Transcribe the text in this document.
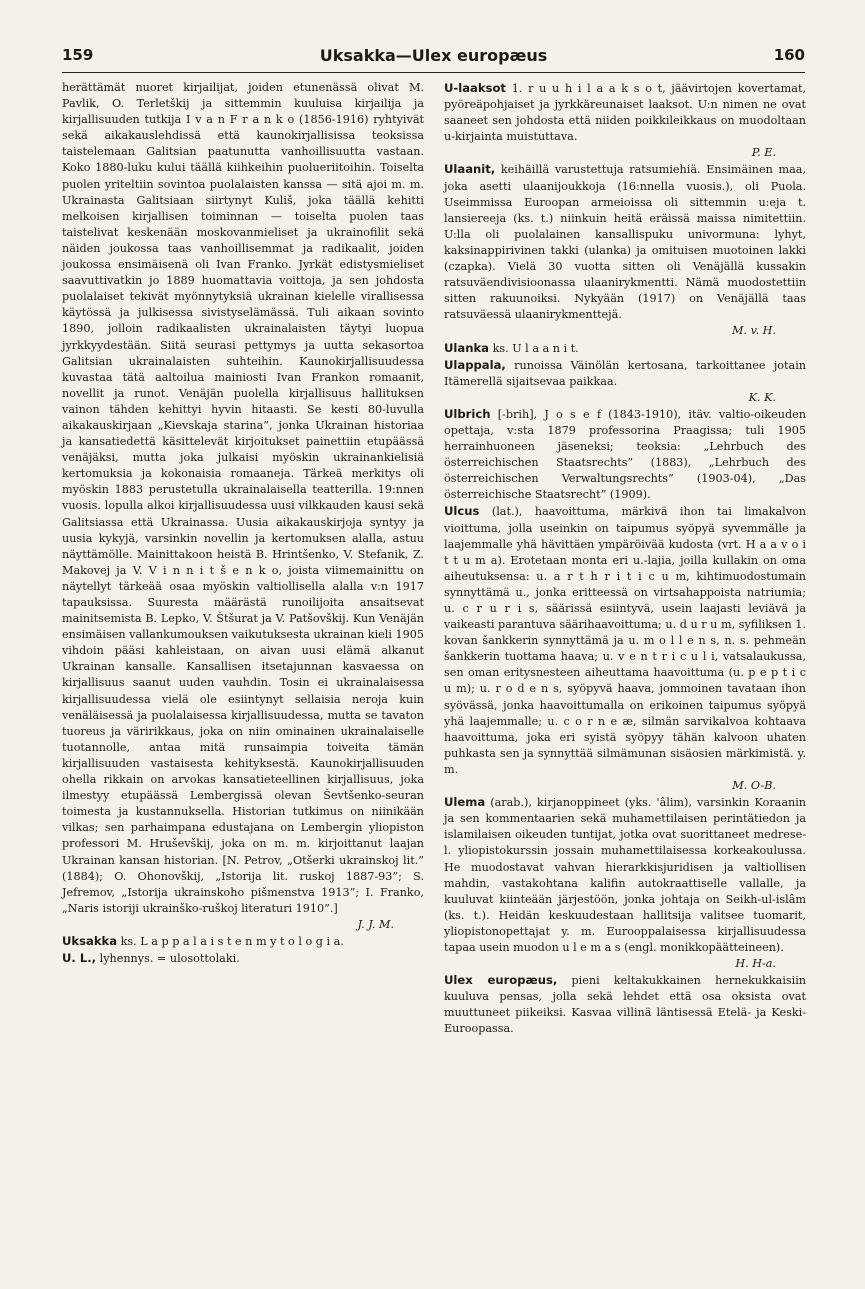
159	Uksakka—Ulex europæus	160

herättämät nuoret kirjailijat, joiden etunenässä olivat M. Pavlik, O. Terletškij ja sittemmin kuuluisa kirjailija ja kirjallisuuden tutkija I v a n F r a n k o (1856-1916) ryhtyivät sekä aikakauslehdissä että kaunokirjallisissa teoksissa taistelemaan Galitsian paatunutta vanhoillisuutta vastaan. Koko 1880-luku kului täällä kiihkeihin puolueriitoihin. Toiselta puolen yriteltiin sovintoa puolalaisten kanssa — sitä ajoi m. m. Ukrainasta Galitsiaan siirtynyt Kuliš, joka täällä kehitti melkoisen kirjallisen toiminnan — toiselta puolen taas taistelivat keskenään moskovanmieliset ja ukrainofilit sekä näiden joukossa taas vanhoillisemmat ja radikaalit, joiden joukossa ensimäisenä oli Ivan Franko. Jyrkät edistysmieliset saavuttivatkin jo 1889 huomattavia voittoja, ja sen johdosta puolalaiset tekivät myönnytyksiä ukrainan kielelle virallisessa käytössä ja julkisessa sivistyselämässä. Tuli aikaan sovinto 1890, jolloin radikaalisten ukrainalaisten täytyi luopua jyrkkyydestään. Siitä seurasi pettymys ja uutta sekasortoa Galitsian ukrainalaisten suhteihin. Kaunokirjallisuudessa kuvastaa tätä aaltoilua mainiosti Ivan Frankon romaanit, novellit ja runot. Venäjän puolella kirjallisuus hallituksen vainon tähden kehittyi hyvin hitaasti. Se kesti 80-luvulla aikakauskirjaan „Kievskaja starina”, jonka Ukrainan historiaa ja kansatiedettä käsittelevät kirjoitukset painettiin etupäässä venäjäksi, mutta joka julkaisi myöskin ukrainankielisiä kertomuksia ja kokonaisia romaaneja. Tärkeä merkitys oli myöskin 1883 perustetulla ukrainalaisella teatterilla. 19:nnen vuosis. lopulla alkoi kirjallisuudessa uusi vilkkauden kausi sekä Galitsiassa että Ukrainassa. Uusia aikakauskirjoja syntyy ja uusia kykyjä, varsinkin novellin ja kertomuksen alalla, astuu näyttämölle. Mainittakoon heistä B. Hrintšenko, V. Stefanik, Z. Makovej ja V. V i n n i t š e n k o, joista viimemainittu on näytellyt tärkeää osaa myöskin valtiollisella alalla v:n 1917 tapauksissa. Suuresta määrästä runoilijoita ansaitsevat mainitsemista B. Lepko, V. Štšurat ja V. Patšovškij. Kun Venäjän ensimäisen vallankumouksen vaikutuksesta ukrainan kieli 1905 vihdoin pääsi kahleistaan, on aivan uusi elämä alkanut Ukrainan kansalle. Kansallisen itsetajunnan kasvaessa on kirjallisuus saanut uuden vauhdin. Tosin ei ukrainalaisessa kirjallisuudessa vielä ole esiintynyt sellaisia neroja kuin venäläisessä ja puolalaisessa kirjallisuudessa, mutta se tavaton tuoreus ja väririkkaus, joka on niin ominainen ukrainalaiselle tuotannolle, antaa mitä runsaimpia toiveita tämän kirjallisuuden vastaisesta kehityksestä. Kaunokirjallisuuden ohella rikkain on arvokas kansatieteellinen kirjallisuus, joka ilmestyy etupäässä Lembergissä olevan Ševtšenko-seuran toimesta ja kustannuksella. Historian tutkimus on niinikään vilkas; sen parhaimpana edustajana on Lembergin yliopiston professori M. Hruševškij, joka on m. m. kirjoittanut laajan Ukrainan kansan historian. [N. Petrov, „Otšerki ukrainskoj lit.” (1884); O. Ohonovškij, „Istorija lit. ruskoj 1887-93”; S. Jefremov, „Istorija ukrainskoho pišmenstva 1913”; I. Franko, „Naris istoriji ukrainško-ruškoj literaturi 1910”.]
J. J. M.

Uksakka ks. L a p p a l a i s t e n m y t o l o g i a.

U. L., lyhennys. = ulosottolaki.

U-laaksot 1. r u u h i l a a k s o t, jäävirtojen kovertamat, pyöreäpohjaiset ja jyrkkäreunaiset laaksot. U:n nimen ne ovat saaneet sen johdosta että niiden poikkileikkaus on muodoltaan u-kirjainta muistuttava.
P. E.

Ulaanit, keihäillä varustettuja ratsumiehiä. Ensimäinen maa, joka asetti ulaanijoukkoja (16:nnella vuosis.), oli Puola. Useimmissa Euroopan armeioissa oli sittemmin u:eja t. lansiereeja (ks. t.) niinkuin heitä eräissä maissa nimitettiin. U:lla oli puolalainen kansallispuku univormuna: lyhyt, kaksinappirivinen takki (ulanka) ja omituisen muotoinen lakki (czapka). Vielä 30 vuotta sitten oli Venäjällä kussakin ratsuväendivisioonassa ulaanirykmentti. Nämä muodostettiin sitten rakuunoiksi. Nykyään (1917) on Venäjällä taas ratsuväessä ulaanirykmenttejä.
M. v. H.

Ulanka ks. U l a a n i t.

Ulappala, runoissa Väinölän kertosana, tarkoittanee jotain Itämerellä sijaitsevaa paikkaa.
K. K.

Ulbrich [-brih], J o s e f (1843-1910), itäv. valtio-oikeuden opettaja, v:sta 1879 professorina Praagissa; tuli 1905 herrainhuoneen jäseneksi; teoksia: „Lehrbuch des österreichischen Staatsrechts” (1883), „Lehrbuch des österreichischen Verwaltungsrechts” (1903-04), „Das österreichische Staatsrecht” (1909).

Ulcus (lat.), haavoittuma, märkivä ihon tai limakalvon vioittuma, jolla useinkin on taipumus syöpyä syvemmälle ja laajemmalle yhä hävittäen ympäröivää kudosta (vrt. H a a v o i t t u m a). Erotetaan monta eri u.-lajia, joilla kullakin on oma aiheutuksensa: u. a r t h r i t i c u m, kihtimuodostumain synnyttämä u., jonka eritteessä on virtsahappoista natriumia; u. c r u r i s, säärissä esiintyvä, usein laajasti leviävä ja vaikeasti parantuva säärihaavoittuma; u. d u r u m, syfiliksen 1. kovan šankkerin synnyttämä ja u. m o l l e n s, n. s. pehmeän šankkerin tuottama haava; u. v e n t r i c u l i, vatsalaukussa, sen oman eritysnesteen aiheuttama haavoittuma (u. p e p t i c u m); u. r o d e n s, syöpyvä haava, jommoinen tavataan ihon syövässä, jonka haavoittumalla on erikoinen taipumus syöpyä yhä laajemmalle; u. c o r n e æ, silmän sarvikalvoa kohtaava haavoittuma, joka eri syistä syöpyy tähän kalvoon uhaten puhkasta sen ja synnyttää silmämunan sisäosien märkimistä. y. m.
M. O-B.

Ulema (arab.), kirjanoppineet (yks. 'âlim), varsinkin Koraanin ja sen kommentaarien sekä muhamettilaisen perintätiedon ja islamilaisen oikeuden tuntijat, jotka ovat suorittaneet medrese-l. yliopistokurssin jossain muhamettilaisessa korkeakoulussa. He muodostavat vahvan hierarkkisjuridisen ja valtiollisen mahdin, vastakohtana kalifin autokraattiselle vallalle, ja kuuluvat kiinteään järjestöön, jonka johtaja on Seikh-ul-islâm (ks. t.). Heidän keskuudestaan hallitsija valitsee tuomarit, yliopistonopettajat y. m. Eurooppalaisessa kirjallisuudessa tapaa usein muodon u l e m a s (engl. monikkopäätteineen).
H. H-a.

Ulex europæus, pieni keltakukkainen hernekukkaisiin kuuluva pensas, jolla sekä lehdet että osa oksista ovat muuttuneet piikeiksi. Kasvaa villinä läntisessä Etelä- ja Keski-Euroopassa.
